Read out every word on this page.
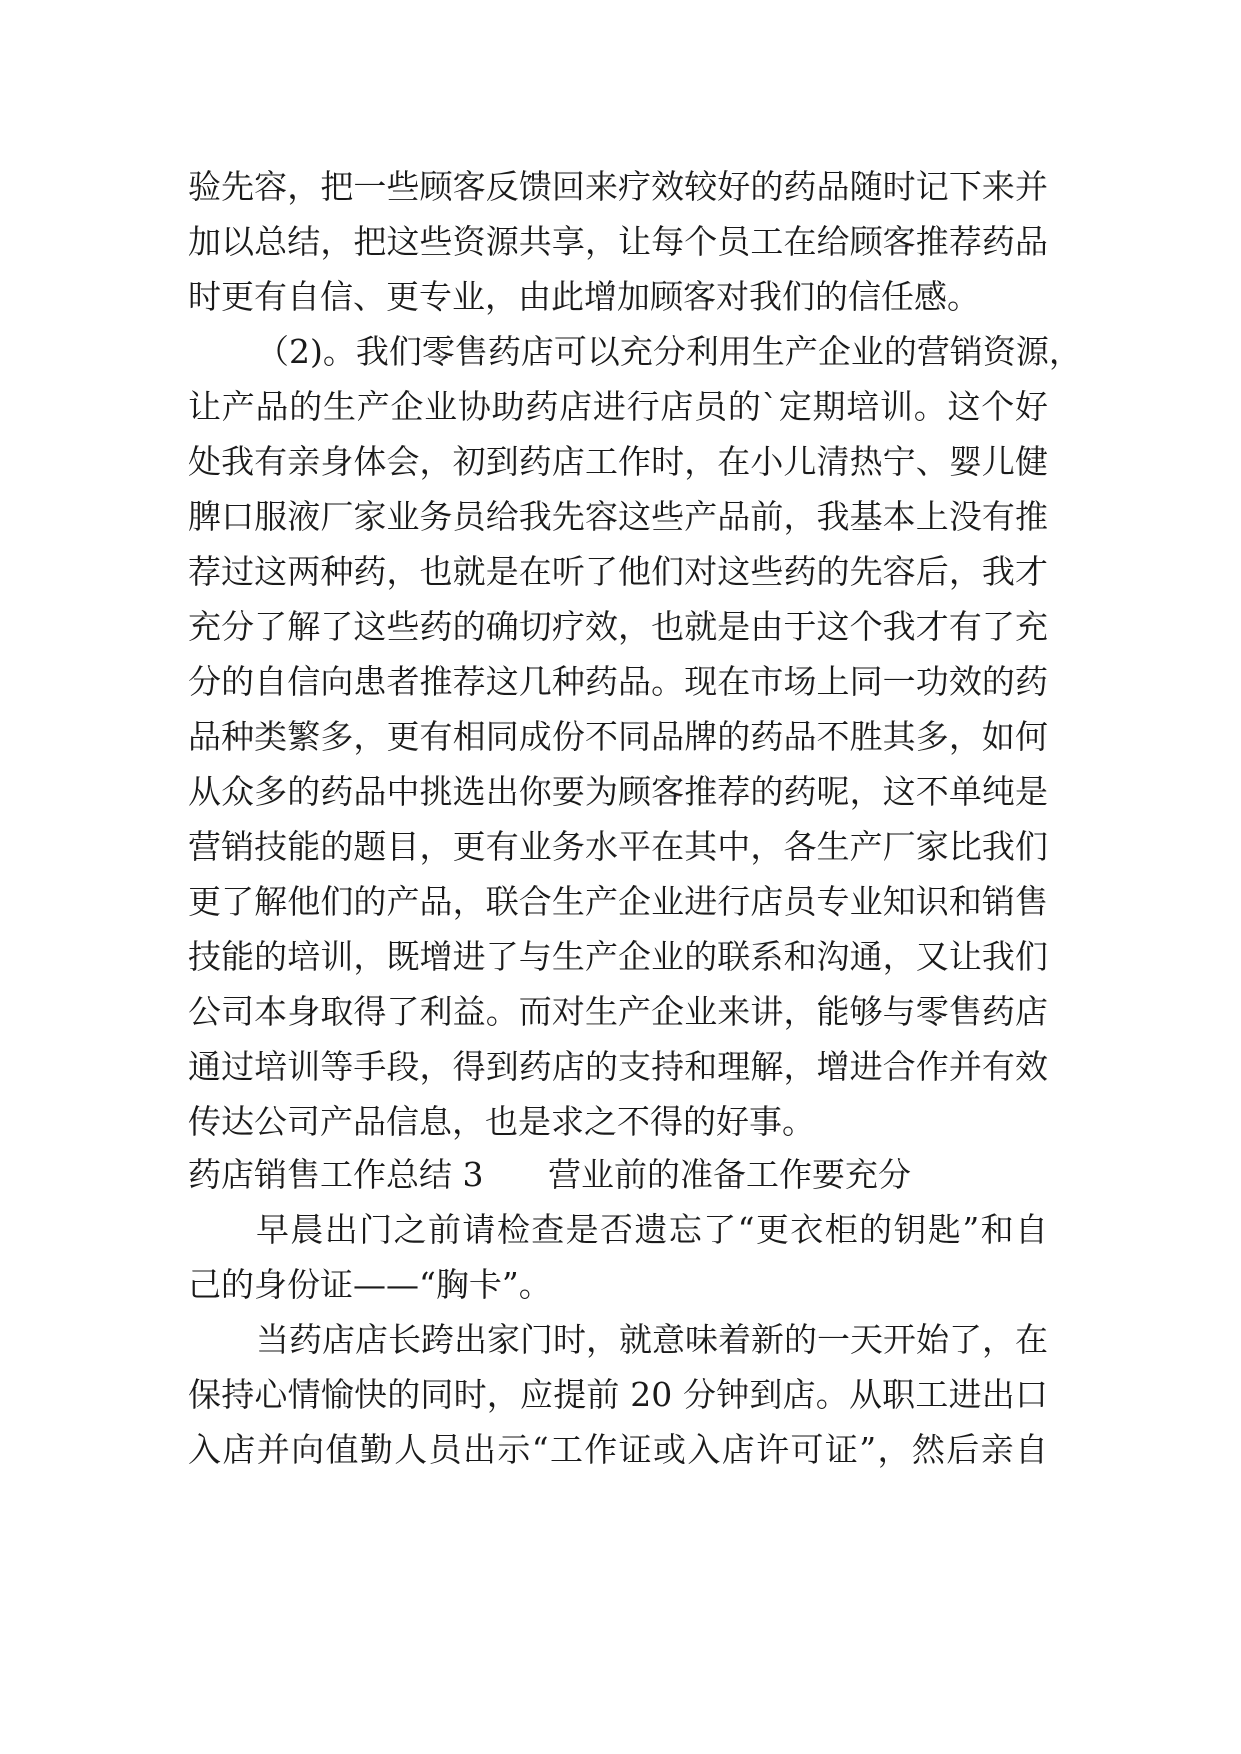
验先容，把一些顾客反馈回来疗效较好的药品随时记下来并
加以总结，把这些资源共享，让每个员工在给顾客推荐药品
时更有自信、更专业，由此增加顾客对我们的信任感。
（2)。我们零售药店可以充分利用生产企业的营销资源，
让产品的生产企业协助药店进行店员的`定期培训。这个好
处我有亲身体会，初到药店工作时，在小儿清热宁、婴儿健
脾口服液厂家业务员给我先容这些产品前，我基本上没有推
荐过这两种药，也就是在听了他们对这些药的先容后，我才
充分了解了这些药的确切疗效，也就是由于这个我才有了充
分的自信向患者推荐这几种药品。现在市场上同一功效的药
品种类繁多，更有相同成份不同品牌的药品不胜其多，如何
从众多的药品中挑选出你要为顾客推荐的药呢，这不单纯是
营销技能的题目，更有业务水平在其中，各生产厂家比我们
更了解他们的产品，联合生产企业进行店员专业知识和销售
技能的培训，既增进了与生产企业的联系和沟通，又让我们
公司本身取得了利益。而对生产企业来讲，能够与零售药店
通过培训等手段，得到药店的支持和理解，增进合作并有效
传达公司产品信息，也是求之不得的好事。
药店销售工作总结 3	营业前的准备工作要充分
早晨出门之前请检查是否遗忘了“更衣柜的钥匙”和自
己的身份证——“胸卡”。
当药店店长跨出家门时，就意味着新的一天开始了，在
保持心情愉快的同时，应提前 20 分钟到店。从职工进出口
入店并向值勤人员出示“工作证或入店许可证”，然后亲自
